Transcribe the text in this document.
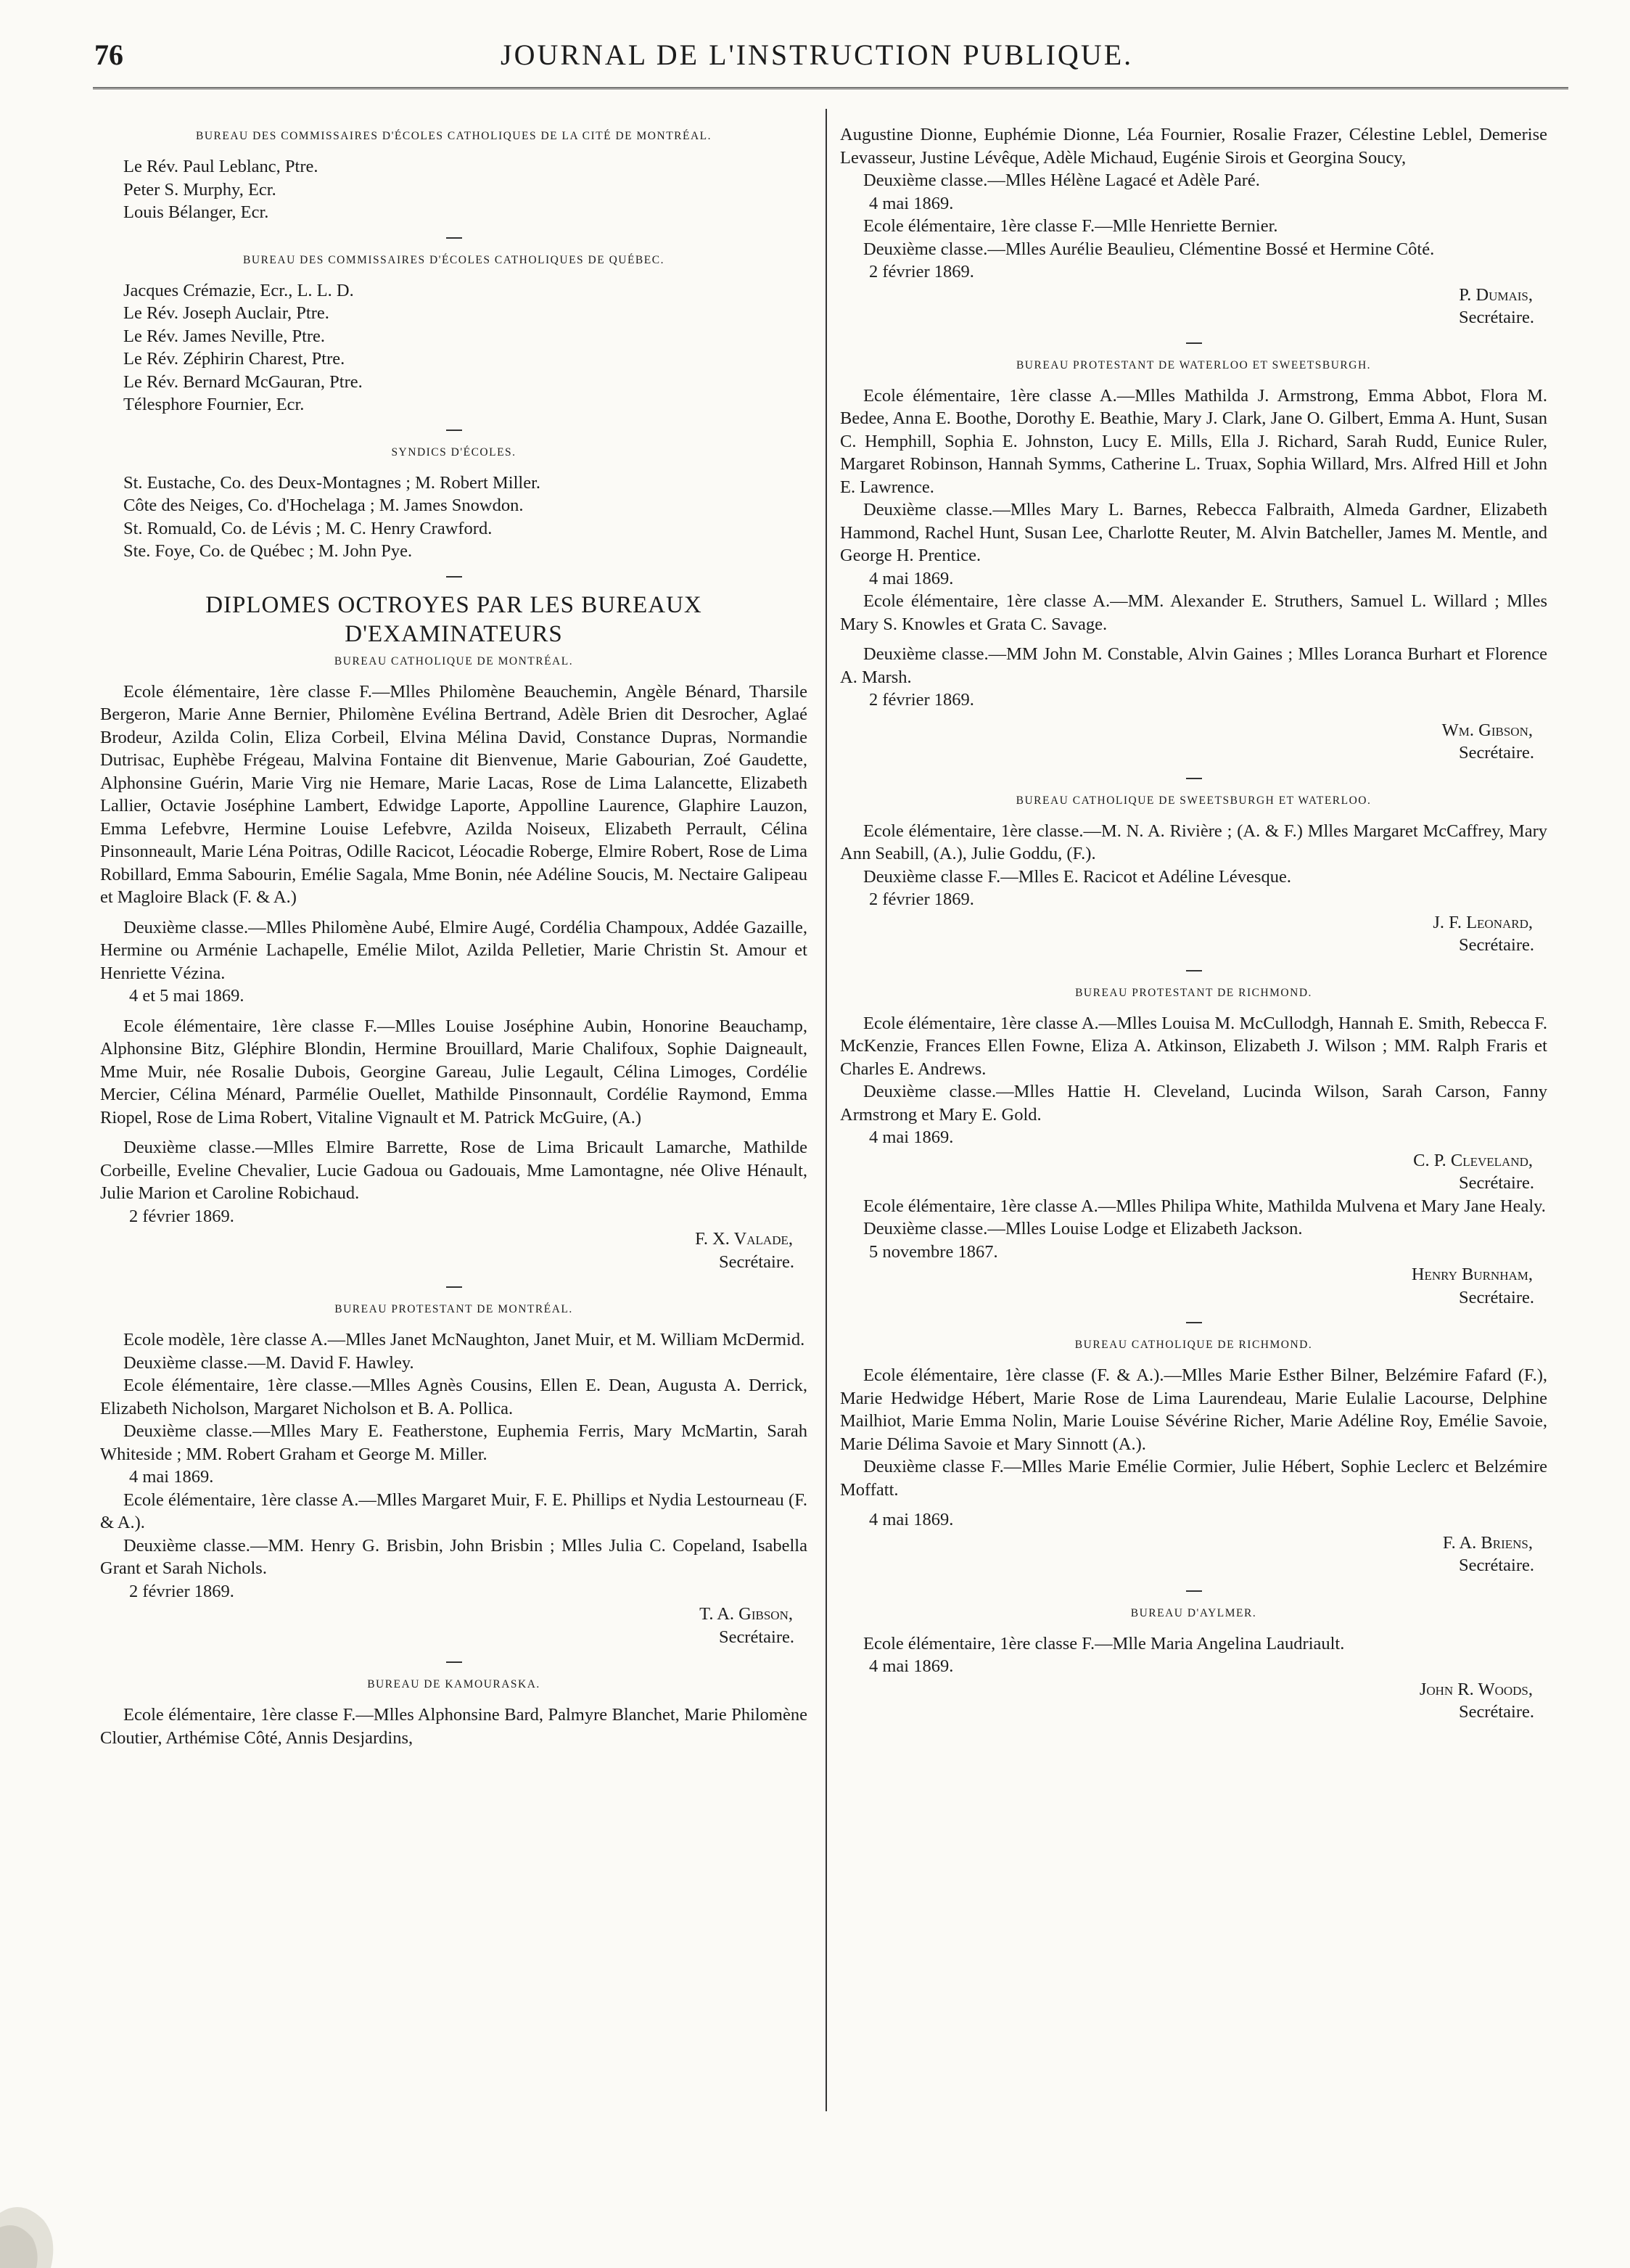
76	JOURNAL DE L'INSTRUCTION PUBLIQUE.

BUREAU DES COMMISSAIRES D'ÉCOLES CATHOLIQUES DE LA CITÉ DE MONTRÉAL.

Le Rév. Paul Leblanc, Ptre.

Peter S. Murphy, Ecr.

Louis Bélanger, Ecr.

BUREAU DES COMMISSAIRES D'ÉCOLES CATHOLIQUES DE QUÉBEC.

Jacques Crémazie, Ecr., L. L. D.

Le Rév. Joseph Auclair, Ptre.

Le Rév. James Neville, Ptre.

Le Rév. Zéphirin Charest, Ptre.

Le Rév. Bernard McGauran, Ptre.

Télesphore Fournier, Ecr.

SYNDICS D'ÉCOLES.

St. Eustache, Co. des Deux-Montagnes ; M. Robert Miller.

Côte des Neiges, Co. d'Hochelaga ; M. James Snowdon.

St. Romuald, Co. de Lévis ; M. C. Henry Crawford.

Ste. Foye, Co. de Québec ; M. John Pye.

DIPLOMES OCTROYES PAR LES BUREAUX D'EXAMINATEURS

BUREAU CATHOLIQUE DE MONTRÉAL.

Ecole élémentaire, 1ère classe F.—Mlles Philomène Beauchemin, Angèle Bénard, Tharsile Bergeron, Marie Anne Bernier, Philomène Evélina Bertrand, Adèle Brien dit Desrocher, Aglaé Brodeur, Azilda Colin, Eliza Corbeil, Elvina Mélina David, Constance Dupras, Normandie Dutrisac, Euphèbe Frégeau, Malvina Fontaine dit Bienvenue, Marie Gabourian, Zoé Gaudette, Alphonsine Guérin, Marie Virg nie Hemare, Marie Lacas, Rose de Lima Lalancette, Elizabeth Lallier, Octavie Joséphine Lambert, Edwidge Laporte, Appolline Laurence, Glaphire Lauzon, Emma Lefebvre, Hermine Louise Lefebvre, Azilda Noiseux, Elizabeth Perrault, Célina Pinsonneault, Marie Léna Poitras, Odille Racicot, Léocadie Roberge, Elmire Robert, Rose de Lima Robillard, Emma Sabourin, Emélie Sagala, Mme Bonin, née Adéline Soucis, M. Nectaire Galipeau et Magloire Black (F. & A.)

Deuxième classe.—Mlles Philomène Aubé, Elmire Augé, Cordélia Champoux, Addée Gazaille, Hermine ou Arménie Lachapelle, Emélie Milot, Azilda Pelletier, Marie Christin St. Amour et Henriette Vézina.

4 et 5 mai 1869.

Ecole élémentaire, 1ère classe F.—Mlles Louise Joséphine Aubin, Honorine Beauchamp, Alphonsine Bitz, Gléphire Blondin, Hermine Brouillard, Marie Chalifoux, Sophie Daigneault, Mme Muir, née Rosalie Dubois, Georgine Gareau, Julie Legault, Célina Limoges, Cordélie Mercier, Célina Ménard, Parmélie Ouellet, Mathilde Pinsonnault, Cordélie Raymond, Emma Riopel, Rose de Lima Robert, Vitaline Vignault et M. Patrick McGuire, (A.)

Deuxième classe.—Mlles Elmire Barrette, Rose de Lima Bricault Lamarche, Mathilde Corbeille, Eveline Chevalier, Lucie Gadoua ou Gadouais, Mme Lamontagne, née Olive Hénault, Julie Marion et Caroline Robichaud.

2 février 1869.

F. X. Valade,

Secrétaire.

BUREAU PROTESTANT DE MONTRÉAL.

Ecole modèle, 1ère classe A.—Mlles Janet McNaughton, Janet Muir, et M. William McDermid.

Deuxième classe.—M. David F. Hawley.

Ecole élémentaire, 1ère classe.—Mlles Agnès Cousins, Ellen E. Dean, Augusta A. Derrick, Elizabeth Nicholson, Margaret Nicholson et B. A. Pollica.

Deuxième classe.—Mlles Mary E. Featherstone, Euphemia Ferris, Mary McMartin, Sarah Whiteside ; MM. Robert Graham et George M. Miller.

4 mai 1869.

Ecole élémentaire, 1ère classe A.—Mlles Margaret Muir, F. E. Phillips et Nydia Lestourneau (F. & A.).

Deuxième classe.—MM. Henry G. Brisbin, John Brisbin ; Mlles Julia C. Copeland, Isabella Grant et Sarah Nichols.

2 février 1869.

T. A. Gibson,

Secrétaire.

BUREAU DE KAMOURASKA.

Ecole élémentaire, 1ère classe F.—Mlles Alphonsine Bard, Palmyre Blanchet, Marie Philomène Cloutier, Arthémise Côté, Annis Desjardins,

Augustine Dionne, Euphémie Dionne, Léa Fournier, Rosalie Frazer, Célestine Leblel, Demerise Levasseur, Justine Lévêque, Adèle Michaud, Eugénie Sirois et Georgina Soucy,

Deuxième classe.—Mlles Hélène Lagacé et Adèle Paré.

4 mai 1869.

Ecole élémentaire, 1ère classe F.—Mlle Henriette Bernier.

Deuxième classe.—Mlles Aurélie Beaulieu, Clémentine Bossé et Hermine Côté.

2 février 1869.

P. Dumais,

Secrétaire.

BUREAU PROTESTANT DE WATERLOO ET SWEETSBURGH.

Ecole élémentaire, 1ère classe A.—Mlles Mathilda J. Armstrong, Emma Abbot, Flora M. Bedee, Anna E. Boothe, Dorothy E. Beathie, Mary J. Clark, Jane O. Gilbert, Emma A. Hunt, Susan C. Hemphill, Sophia E. Johnston, Lucy E. Mills, Ella J. Richard, Sarah Rudd, Eunice Ruler, Margaret Robinson, Hannah Symms, Catherine L. Truax, Sophia Willard, Mrs. Alfred Hill et John E. Lawrence.

Deuxième classe.—Mlles Mary L. Barnes, Rebecca Falbraith, Almeda Gardner, Elizabeth Hammond, Rachel Hunt, Susan Lee, Charlotte Reuter, M. Alvin Batcheller, James M. Mentle, and George H. Prentice.

4 mai 1869.

Ecole élémentaire, 1ère classe A.—MM. Alexander E. Struthers, Samuel L. Willard ; Mlles Mary S. Knowles et Grata C. Savage.

Deuxième classe.—MM John M. Constable, Alvin Gaines ; Mlles Loranca Burhart et Florence A. Marsh.

2 février 1869.

Wm. Gibson,

Secrétaire.

BUREAU CATHOLIQUE DE SWEETSBURGH ET WATERLOO.

Ecole élémentaire, 1ère classe.—M. N. A. Rivière ; (A. & F.) Mlles Margaret McCaffrey, Mary Ann Seabill, (A.), Julie Goddu, (F.).

Deuxième classe F.—Mlles E. Racicot et Adéline Lévesque.

2 février 1869.

J. F. Leonard,

Secrétaire.

BUREAU PROTESTANT DE RICHMOND.

Ecole élémentaire, 1ère classe A.—Mlles Louisa M. McCullodgh, Hannah E. Smith, Rebecca F. McKenzie, Frances Ellen Fowne, Eliza A. Atkinson, Elizabeth J. Wilson ; MM. Ralph Fraris et Charles E. Andrews.

Deuxième classe.—Mlles Hattie H. Cleveland, Lucinda Wilson, Sarah Carson, Fanny Armstrong et Mary E. Gold.

4 mai 1869.

C. P. Cleveland,

Secrétaire.

Ecole élémentaire, 1ère classe A.—Mlles Philipa White, Mathilda Mulvena et Mary Jane Healy.

Deuxième classe.—Mlles Louise Lodge et Elizabeth Jackson.

5 novembre 1867.

Henry Burnham,

Secrétaire.

BUREAU CATHOLIQUE DE RICHMOND.

Ecole élémentaire, 1ère classe (F. & A.).—Mlles Marie Esther Bilner, Belzémire Fafard (F.), Marie Hedwidge Hébert, Marie Rose de Lima Laurendeau, Marie Eulalie Lacourse, Delphine Mailhiot, Marie Emma Nolin, Marie Louise Sévérine Richer, Marie Adéline Roy, Emélie Savoie, Marie Délima Savoie et Mary Sinnott (A.).

Deuxième classe F.—Mlles Marie Emélie Cormier, Julie Hébert, Sophie Leclerc et Belzémire Moffatt.

4 mai 1869.

F. A. Briens,

Secrétaire.

BUREAU D'AYLMER.

Ecole élémentaire, 1ère classe F.—Mlle Maria Angelina Laudriault.

4 mai 1869.

John R. Woods,

Secrétaire.
